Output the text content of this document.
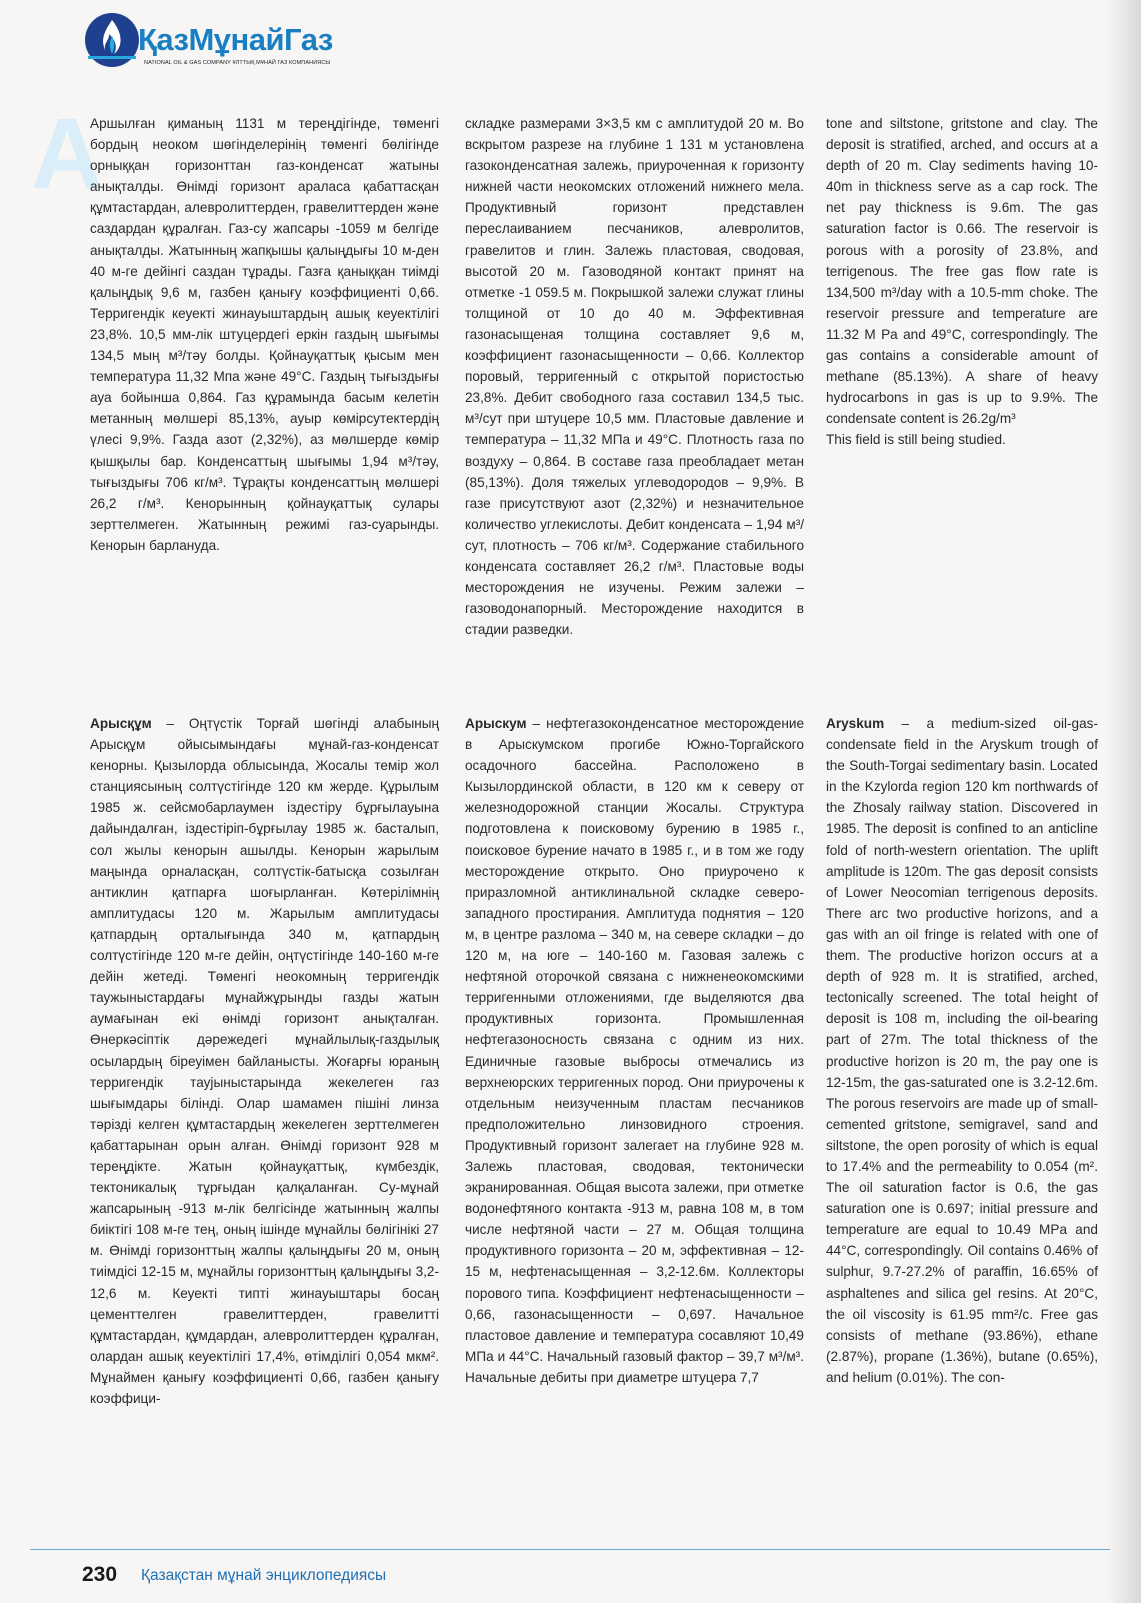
ҚазМұнайГаз
NATIONAL OIL & GAS COMPANY ҰЛТТЫҚ МҰНАЙ ГАЗ КОМПАНИЯСЫ
А

Аршылған қиманың 1131 м тереңдігінде, төменгі бордың неоком шөгінделерінің төменгі бөлігінде орныққан горизонттан газ-конденсат жатыны анықталды. Өнімді горизонт араласа қабаттасқан құмтастардан, алевролиттерден, гравелиттерден және саздардан құралған. Газ-су жапсары -1059 м белгіде анықталды. Жатынның жапқышы қалыңдығы 10 м-ден 40 м-ге дейінгі саздан тұрады. Газға қаныққан тиімді қалыңдық 9,6 м, газбен қанығу коэффициенті 0,66. Терригендік кеуекті жинауыштардың ашық кеуектілігі 23,8%. 10,5 мм-лік штуцердегі еркін газдың шығымы 134,5 мың м³/тәу болды. Қойнауқаттық қысым мен температура 11,32 Мпа және 49°С. Газдың тығыздығы ауа бойынша 0,864. Газ құрамында басым келетін метанның мөлшері 85,13%, ауыр көмірсутектердің үлесі 9,9%. Газда азот (2,32%), аз мөлшерде көмір қышқылы бар. Конденсаттың шығымы 1,94 м³/тәу, тығыздығы 706 кг/м³. Тұрақты конденсаттың мөлшері 26,2 г/м³. Кенорынның қойнауқаттық сулары зерттелмеген. Жатынның режимі газ-суарынды. Кенорын барлануда.

складке размерами 3×3,5 км с амплитудой 20 м. Во вскрытом разрезе на глубине 1 131 м установлена газоконденсатная залежь, приуроченная к горизонту нижней части неокомских отложений нижнего мела. Продуктивный горизонт представлен переслаиванием песчаников, алевролитов, гравелитов и глин. Залежь пластовая, сводовая, высотой 20 м. Газоводяной контакт принят на отметке -1 059.5 м. Покрышкой залежи служат глины толщиной от 10 до 40 м. Эффективная газонасыщеная толщина составляет 9,6 м, коэффициент газонасыщенности – 0,66. Коллектор поровый, терригенный с открытой пористостью 23,8%. Дебит свободного газа составил 134,5 тыс. м³/сут при штуцере 10,5 мм. Пластовые давление и температура – 11,32 МПа и 49°С. Плотность газа по воздуху – 0,864. В составе газа преобладает метан (85,13%). Доля тяжелых углеводородов – 9,9%. В газе присутствуют азот (2,32%) и незначительное количество углекислоты. Дебит конденсата – 1,94 м³/сут, плотность – 706 кг/м³. Содержание стабильного конденсата составляет 26,2 г/м³. Пластовые воды месторождения не изучены. Режим залежи – газоводонапорный. Месторождение находится в стадии разведки.

tone and siltstone, gritstone and clay. The deposit is stratified, arched, and occurs at a depth of 20 m. Clay sediments having 10-40m in thickness serve as a cap rock. The net pay thickness is 9.6m. The gas saturation factor is 0.66. The reservoir is porous with a porosity of 23.8%, and terrigenous. The free gas flow rate is 134,500 m³/day with a 10.5-mm choke. The reservoir pressure and temperature are 11.32 M Pa and 49°C, correspondingly. The gas contains a considerable amount of methane (85.13%). A share of heavy hydrocarbons in gas is up to 9.9%. The condensate content is 26.2g/m³

This field is still being studied.

Арысқұм – Оңтүстік Торғай шөгінді алабының Арысқұм ойысымындағы мұнай-газ-конденсат кенорны. Қызылорда облысында, Жосалы темір жол станциясының солтүстігінде 120 км жерде. Құрылым 1985 ж. сейсмобарлаумен іздестіру бұрғылауына дайындалған, іздестіріп-бұрғылау 1985 ж. басталып, сол жылы кенорын ашылды. Кенорын жарылым маңында орналасқан, солтүстік-батысқа созылған антиклин қатпарға шоғырланған. Көтерілімнің амплитудасы 120 м. Жарылым амплитудасы қатпардың орталығында 340 м, қатпардың солтүстігінде 120 м-ге дейін, оңтүстігінде 140-160 м-ге дейін жетеді. Төменгі неокомның терригендік таужыныстардағы мұнайжұрынды газды жатын аумағынан екі өнімді горизонт анықталған. Өнеркәсіптік дәрежедегі мұнайлылық-газдылық осылардың біреуімен байланысты. Жоғарғы юраның терригендік тауjыныстарында жекелеген газ шығымдары білінді. Олар шамамен пішіні линза тәрізді келген құмтастардың жекелеген зерттелмеген қабаттарынан орын алған. Өнімді горизонт 928 м тереңдікте. Жатын қойнауқаттық, күмбездік, тектоникалық тұрғыдан қалқаланған. Су-мұнай жапсарының -913 м-лік белгісінде жатынның жалпы биіктігі 108 м-ге тең, оның ішінде мұнайлы бөлігінікі 27 м. Өнімді горизонттың жалпы қалыңдығы 20 м, оның тиімдісі 12-15 м, мұнайлы горизонттың қалыңдығы 3,2-12,6 м. Кеуекті типті жинауыштары босаң цементтелген гравелиттерден, гравелитті құмтастардан, құмдардан, алевролиттерден құралған, олардан ашық кеуектілігі 17,4%, өтімділігі 0,054 мкм². Мұнаймен қанығу коэффициенті 0,66, газбен қанығу коэффици-

Арыскум – нефтегазоконденсатное месторождение в Арыскумском прогибе Южно-Торгайского осадочного бассейна. Расположено в Кызылординской области, в 120 км к северу от железнодорожной станции Жосалы. Структура подготовлена к поисковому бурению в 1985 г., поисковое бурение начато в 1985 г., и в том же году месторождение открыто. Оно приурочено к приразломной антиклинальной складке северо-западного простирания. Амплитуда поднятия – 120 м, в центре разлома – 340 м, на севере складки – до 120 м, на юге – 140-160 м. Газовая залежь с нефтяной оторочкой связана с нижненеокомскими терригенными отложениями, где выделяются два продуктивных горизонта. Промышленная нефтегазоносность связана с одним из них. Единичные газовые выбросы отмечались из верхнеюрских терригенных пород. Они приурочены к отдельным неизученным пластам песчаников предположительно линзовидного строения. Продуктивный горизонт залегает на глубине 928 м. Залежь пластовая, сводовая, тектонически экранированная. Общая высота залежи, при отметке водонефтяного контакта -913 м, равна 108 м, в том числе нефтяной части – 27 м. Общая толщина продуктивного горизонта – 20 м, эффективная – 12-15 м, нефтенасыщенная – 3,2-12.6м. Коллекторы порового типа. Коэффициент нефтенасыщенности – 0,66, газонасыщенности – 0,697. Начальное пластовое давление и температура сосавляют 10,49 МПа и 44°С. Начальный газовый фактор – 39,7 м³/м³. Начальные дебиты при диаметре штуцера 7,7

Aryskum – a medium-sized oil-gas-condensate field in the Aryskum trough of the South-Torgai sedimentary basin. Located in the Kzylorda region 120 km northwards of the Zhosaly railway station. Discovered in 1985. The deposit is confined to an anticline fold of north-western orientation. The uplift amplitude is 120m. The gas deposit consists of Lower Neocomian terrigenous deposits. There arc two productive horizons, and a gas with an oil fringe is related with one of them. The productive horizon occurs at a depth of 928 m. It is stratified, arched, tectonically screened. The total height of deposit is 108 m, including the oil-bearing part of 27m. The total thickness of the productive horizon is 20 m, the pay one is 12-15m, the gas-saturated one is 3.2-12.6m. The porous reservoirs are made up of small-cemented gritstone, semigravel, sand and siltstone, the open porosity of which is equal to 17.4% and the permeability to 0.054 (m². The oil saturation factor is 0.6, the gas saturation one is 0.697; initial pressure and temperature are equal to 10.49 MPa and 44°C, correspondingly. Oil contains 0.46% of sulphur, 9.7-27.2% of paraffin, 16.65% of asphaltenes and silica gel resins. At 20°C, the oil viscosity is 61.95 mm²/c. Free gas consists of methane (93.86%), ethane (2.87%), propane (1.36%), butane (0.65%), and helium (0.01%). The con-

230 Қазақстан мұнай энциклопедиясы
